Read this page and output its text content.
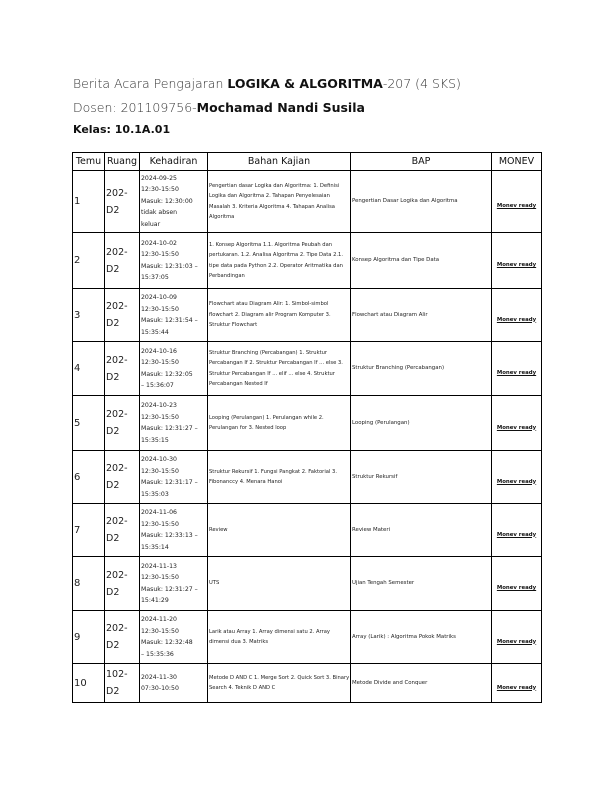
Berita Acara Pengajaran LOGIKA & ALGORITMA-207 (4 SKS)
Dosen: 201109756-Mochamad Nandi Susila
Kelas: 10.1A.01
Temu	Ruang	Kehadiran	Bahan Kajian	BAP	MONEV
1	202-D2	2024-09-25
12:30-15:50
Masuk: 12:30:00
tidak absen
keluar	Pengertian dasar Logika dan Algoritma: 1. Definisi Logika dan Algoritma 2. Tahapan Penyelesaian Masalah 3. Kriteria Algoritma 4. Tahapan Analisa Algoritma	Pengertian Dasar Logika dan Algoritma	Monev ready
2	202-D2	2024-10-02
12:30-15:50
Masuk: 12:31:03 –
15:37:05	1. Konsep Algoritma 1.1. Algoritma Peubah dan pertukaran. 1.2. Analisa Algoritma 2. Tipe Data 2.1. tipe data pada Python 2.2. Operator Aritmatika dan Perbandingan	Konsep Algoritma dan Tipe Data	Monev ready
3	202-D2	2024-10-09
12:30-15:50
Masuk: 12:31:54 –
15:35:44	Flowchart atau Diagram Alir: 1. Simbol-simbol flowchart 2. Diagram alir Program Komputer 3. Struktur Flowchart	Flowchart atau Diagram Alir	Monev ready
4	202-D2	2024-10-16
12:30-15:50
Masuk: 12:32:05
– 15:36:07	Struktur Branching (Percabangan) 1. Struktur Percabangan If 2. Struktur Percabangan If ... else 3. Struktur Percabangan If ... elif ... else 4. Struktur Percabangan Nested If	Struktur Branching (Percabangan)	Monev ready
5	202-D2	2024-10-23
12:30-15:50
Masuk: 12:31:27 –
15:35:15	Looping (Perulangan) 1. Perulangan while 2. Perulangan for 3. Nested loop	Looping (Perulangan)	Monev ready
6	202-D2	2024-10-30
12:30-15:50
Masuk: 12:31:17 –
15:35:03	Struktur Rekursif 1. Fungsi Pangkat 2. Faktorial 3. Fibonanccy 4. Menara Hanoi	Struktur Rekursif	Monev ready
7	202-D2	2024-11-06
12:30-15:50
Masuk: 12:33:13 –
15:35:14	Review	Review Materi	Monev ready
8	202-D2	2024-11-13
12:30-15:50
Masuk: 12:31:27 –
15:41:29	UTS	Ujian Tengah Semester	Monev ready
9	202-D2	2024-11-20
12:30-15:50
Masuk: 12:32:48
– 15:35:36	Larik atau Array 1. Array dimensi satu 2. Array dimensi dua 3. Matriks	Array (Larik) : Algoritma Pokok Matriks	Monev ready
10	102-D2	2024-11-30
07:30-10:50	Metode D AND C 1. Merge Sort 2. Quick Sort 3. Binary Search 4. Teknik D AND C	Metode Divide and Conquer	Monev ready
